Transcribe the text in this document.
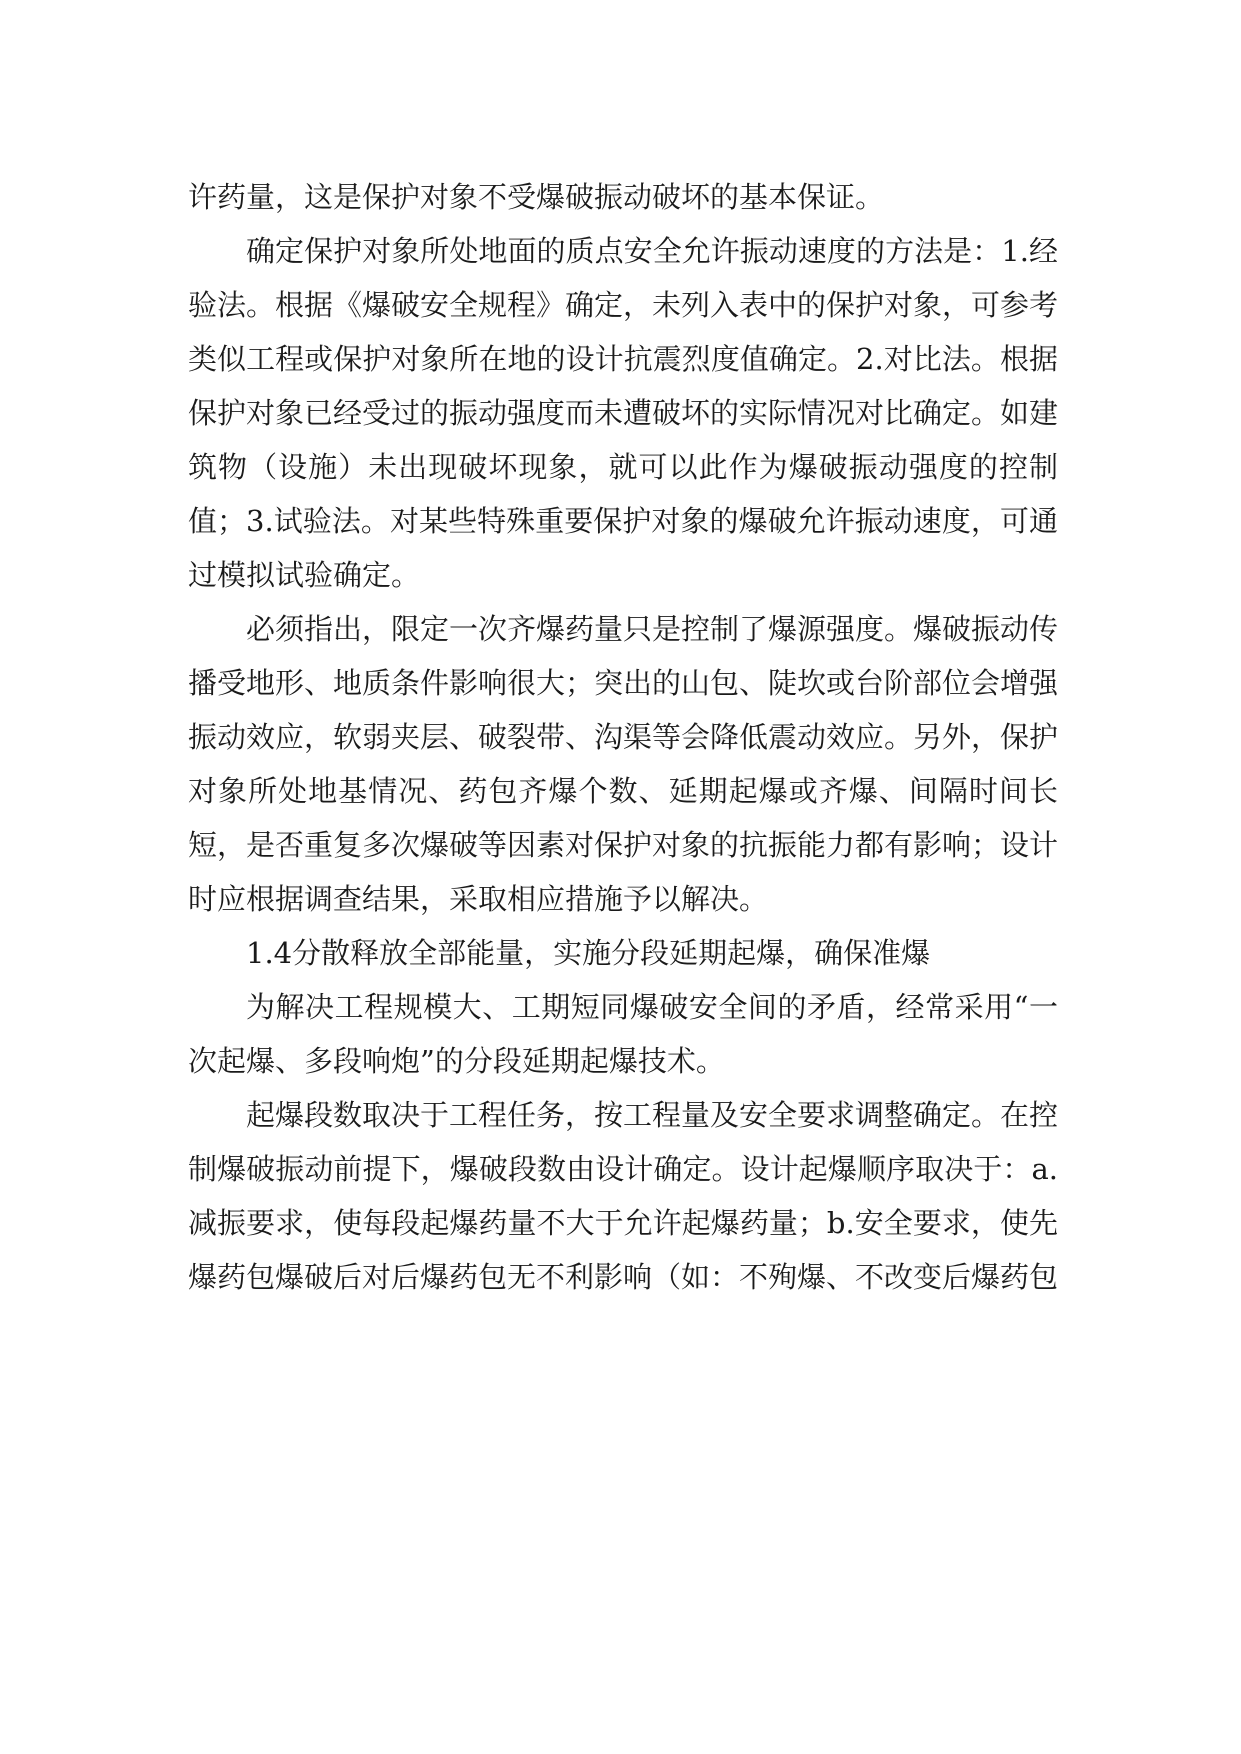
许药量，这是保护对象不受爆破振动破坏的基本保证。

确定保护对象所处地面的质点安全允许振动速度的方法是：1.经验法。根据《爆破安全规程》确定，未列入表中的保护对象，可参考类似工程或保护对象所在地的设计抗震烈度值确定。2.对比法。根据保护对象已经受过的振动强度而未遭破坏的实际情况对比确定。如建筑物（设施）未出现破坏现象，就可以此作为爆破振动强度的控制值；3.试验法。对某些特殊重要保护对象的爆破允许振动速度，可通过模拟试验确定。

必须指出，限定一次齐爆药量只是控制了爆源强度。爆破振动传播受地形、地质条件影响很大；突出的山包、陡坎或台阶部位会增强振动效应，软弱夹层、破裂带、沟渠等会降低震动效应。另外，保护对象所处地基情况、药包齐爆个数、延期起爆或齐爆、间隔时间长短，是否重复多次爆破等因素对保护对象的抗振能力都有影响；设计时应根据调查结果，采取相应措施予以解决。

1.4分散释放全部能量，实施分段延期起爆，确保准爆

为解决工程规模大、工期短同爆破安全间的矛盾，经常采用“一次起爆、多段响炮”的分段延期起爆技术。

起爆段数取决于工程任务，按工程量及安全要求调整确定。在控制爆破振动前提下，爆破段数由设计确定。设计起爆顺序取决于：a.减振要求，使每段起爆药量不大于允许起爆药量；b.安全要求，使先爆药包爆破后对后爆药包无不利影响（如：不殉爆、不改变后爆药包
